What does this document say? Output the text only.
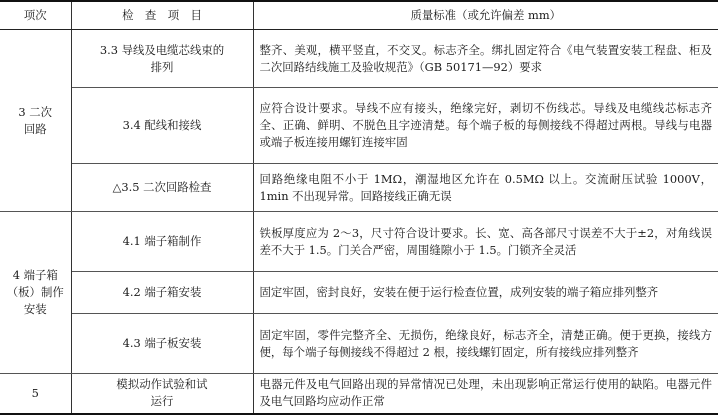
项次	检　查　项　目	质量标准（或允许偏差 mm）

3 二次回路	3.3 导线及电缆芯线束的排列	整齐、美观，横平竖直，不交叉。标志齐全。绑扎固定符合《电气装置安装工程盘、柜及二次回路结线施工及验收规范》（GB 50171—92）要求
	3.4 配线和接线	应符合设计要求。导线不应有接头，绝缘完好，剥切不伤线芯。导线及电缆线芯标志齐全、正确、鲜明、不脱色且字迹清楚。每个端子板的每侧接线不得超过两根。导线与电器或端子板连接用螺钉连接牢固
	△3.5 二次回路检查	回路绝缘电阻不小于 1MΩ，潮湿地区允许在 0.5MΩ 以上。交流耐压试验 1000V，1min 不出现异常。回路接线正确无误

4 端子箱（板）制作安装	4.1 端子箱制作	铁板厚度应为 2～3，尺寸符合设计要求。长、宽、高各部尺寸误差不大于±2，对角线误差不大于 1.5。门关合严密，周围缝隙小于 1.5。门锁齐全灵活
	4.2 端子箱安装	固定牢固，密封良好，安装在便于运行检查位置，成列安装的端子箱应排列整齐
	4.3 端子板安装	固定牢固，零件完整齐全、无损伤，绝缘良好，标志齐全，清楚正确。便于更换，接线方便，每个端子每侧接线不得超过 2 根，接线螺钉固定，所有接线应排列整齐
5	模拟动作试验和试运行	电器元件及电气回路出现的异常情况已处理，未出现影响正常运行使用的缺陷。电器元件及电气回路均应动作正常
